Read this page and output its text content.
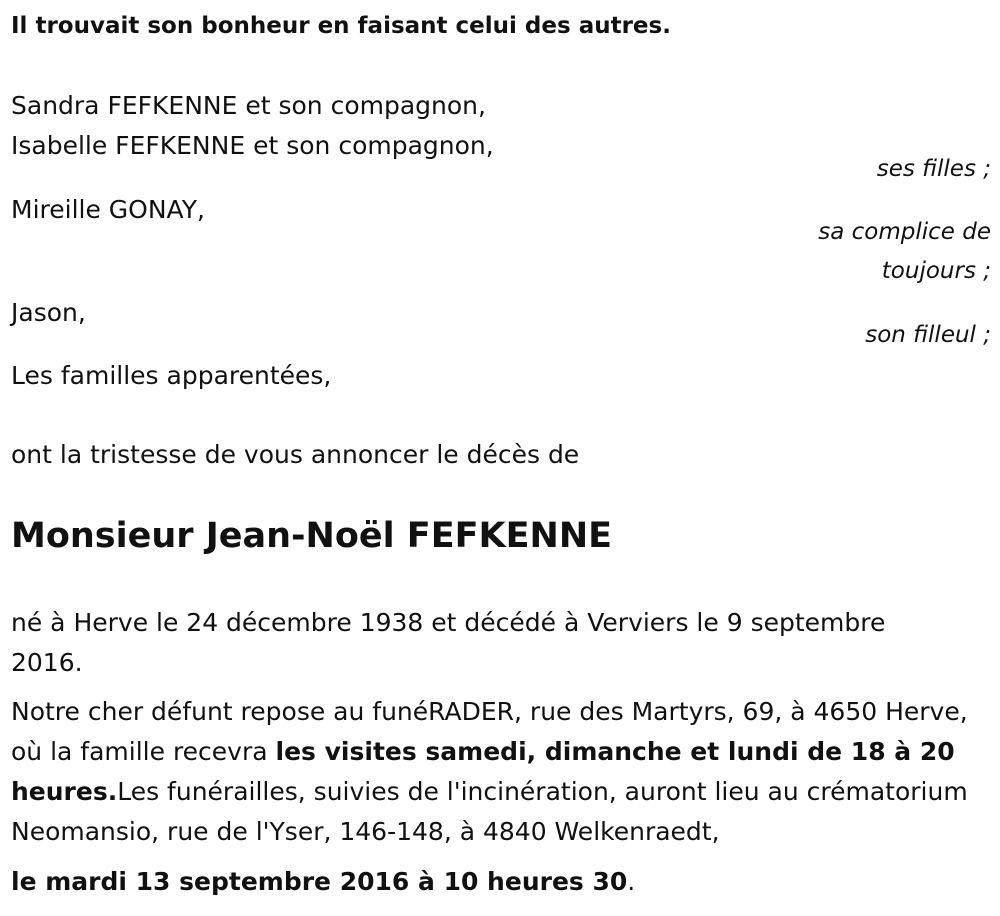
Il trouvait son bonheur en faisant celui des autres.
Sandra FEFKENNE et son compagnon,
Isabelle FEFKENNE et son compagnon,
ses filles ;
Mireille GONAY,
sa complice de
toujours ;
Jason,
son filleul ;
Les familles apparentées,
ont la tristesse de vous annoncer le décès de
Monsieur Jean-Noël FEFKENNE
né à Herve le 24 décembre 1938 et décédé à Verviers le 9 septembre
2016.
Notre cher défunt repose au funéRADER, rue des Martyrs, 69, à 4650 Herve, où la famille recevra les visites samedi, dimanche et lundi de 18 à 20 heures.Les funérailles, suivies de l'incinération, auront lieu au crématorium Neomansio, rue de l'Yser, 146-148, à 4840 Welkenraedt,
le mardi 13 septembre 2016 à 10 heures 30.
